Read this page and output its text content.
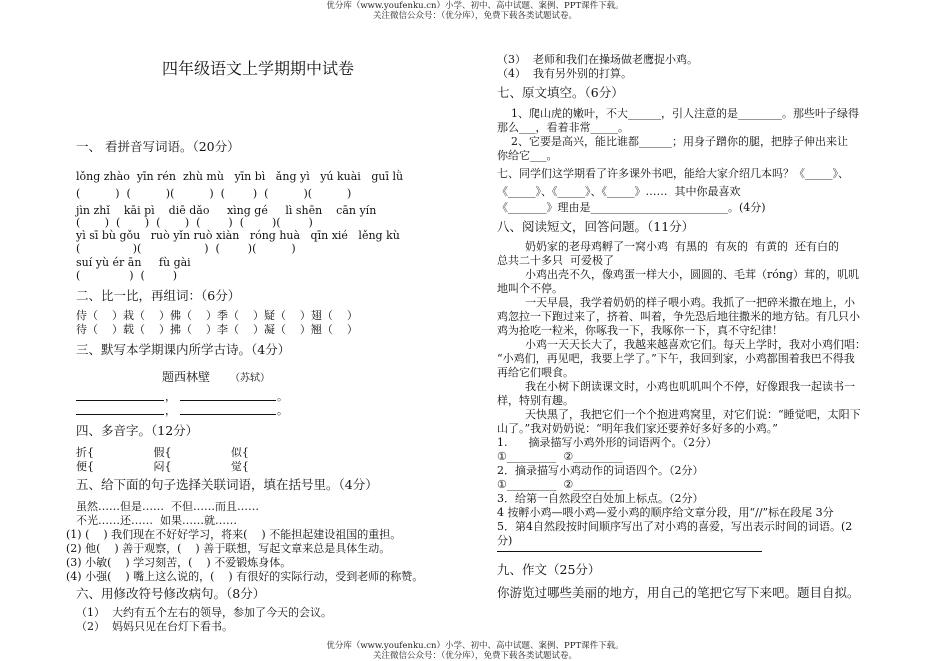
优分库（www.youfenku.cn）小学、初中、高中试题、案例、PPT课件下载。
关注微信公众号：（优分库），免费下载各类试题试卷。
四年级语文上学期期中试卷
一、 看拼音写词语。（20分）
lǒng zhào  yīn rén  zhù mù   yīn bì   ǎng yì   yú kuài   guī lǜ
(          )  (          )(          )  (        )  (          )(          )
jìn zhǐ    kāi pì    diē dǎo     xìng gé     lì shēn    cān yín
(       )  (       )  (       )  (        )  (        )(        )
yì sī bù gǒu   ruò yǐn ruò xiàn   róng huà   qīn xié   lěng kù
(               )(                  )  (        )(          )
suí yù ér ān     fù gài
(              )  (        )
二、比一比，再组词：（6分）
侍（    ）栽（    ）佛（    ）季（    ）疑（    ）翅（    ）
待（    ）载（    ）拂（    ）李（    ）凝（    ）翘（    ）
三、默写本学期课内所学古诗。（4分）
题西林壁 （苏轼）
，	。
，	。
四、多音字。（12分）
折{                 假{                 似{
便{                 闷{                 觉{
五、给下面的句子选择关联词语，填在括号里。（4分）
虽然……但是……  不但……而且……
不光……还……  如果……就……
(1) (    ) 我们现在不好好学习，将来(    ) 不能担起建设祖国的重担。
(2) 他(    ) 善于观察，(    ) 善于联想，写起文章来总是具体生动。
(3) 小敏(    ) 学习刻苦，(    ) 不爱锻炼身体。
(4) 小强(    ) 嘴上这么说的，(    ) 有很好的实际行动，受到老师的称赞。
六、用修改符号修改病句。（8分）
（1）  大约有五个左右的领导，参加了今天的会议。
（2）  妈妈只见在台灯下看书。
（3）  老师和我们在操场做老鹰捉小鸡。
（4）  我有另外别的打算。
七、原文填空。（6分）
1、爬山虎的嫩叶，不大______，引人注意的是________。那些叶子绿得
那么___，看着非常_____。
2、它要是高兴，能比谁都______；用身子蹭你的腿，把脖子伸出来让
你给它___。
七、同学们这学期看了许多课外书吧，能给大家介绍几本吗？《_____》、
《_____》、《_____》、《_____》……  其中你最喜欢
《_______》理由是_________________________。(4分)
八、阅读短文，回答问题。（11分）
奶奶家的老母鸡孵了一窝小鸡  有黑的  有灰的  有黄的  还有白的
总共二十多只  可爱极了
小鸡出壳不久，像鸡蛋一样大小，圆圆的、毛茸（róng）茸的，叽叽
地叫个不停。
一天早晨，我学着奶奶的样子喂小鸡。我抓了一把碎米撒在地上，小
鸡忽拉一下跑过来了，挤着、叫着，争先恐后地往撒米的地方钻。有几只小
鸡为抢吃一粒米，你啄我一下，我啄你一下，真不守纪律！
小鸡一天天长大了，我越来越喜欢它们。每天上学时，我对小鸡们唱：
“小鸡们，再见吧，我要上学了。”下午，我回到家，小鸡都围着我巴不得我
再给它们喂食。
我在小树下朗读课文时，小鸡也叽叽叫个不停，好像跟我一起读书一
样，特别有趣。
天快黑了，我把它们一个个抱进鸡窝里，对它们说：“睡觉吧，太阳下
山了。”我对奶奶说：“明年我们家还要养好多好多的小鸡。”
1.      摘录描写小鸡外形的词语两个。（2分）
①_________  ②_________
2．摘录描写小鸡动作的词语四个。（2分）
①_________  ②_________
3．给第一自然段空白处加上标点。（2分）
4 按孵小鸡—喂小鸡—爱小鸡的顺序给文章分段，用“//”标在段尾 3分
5．第4自然段按时间顺序写出了对小鸡的喜爱，写出表示时间的词语。(2
分)
九、作文（25分）
你游览过哪些美丽的地方，用自己的笔把它写下来吧。题目自拟。
优分库（www.youfenku.cn）小学、初中、高中试题、案例、PPT课件下载。
关注微信公众号：（优分库），免费下载各类试题试卷。
